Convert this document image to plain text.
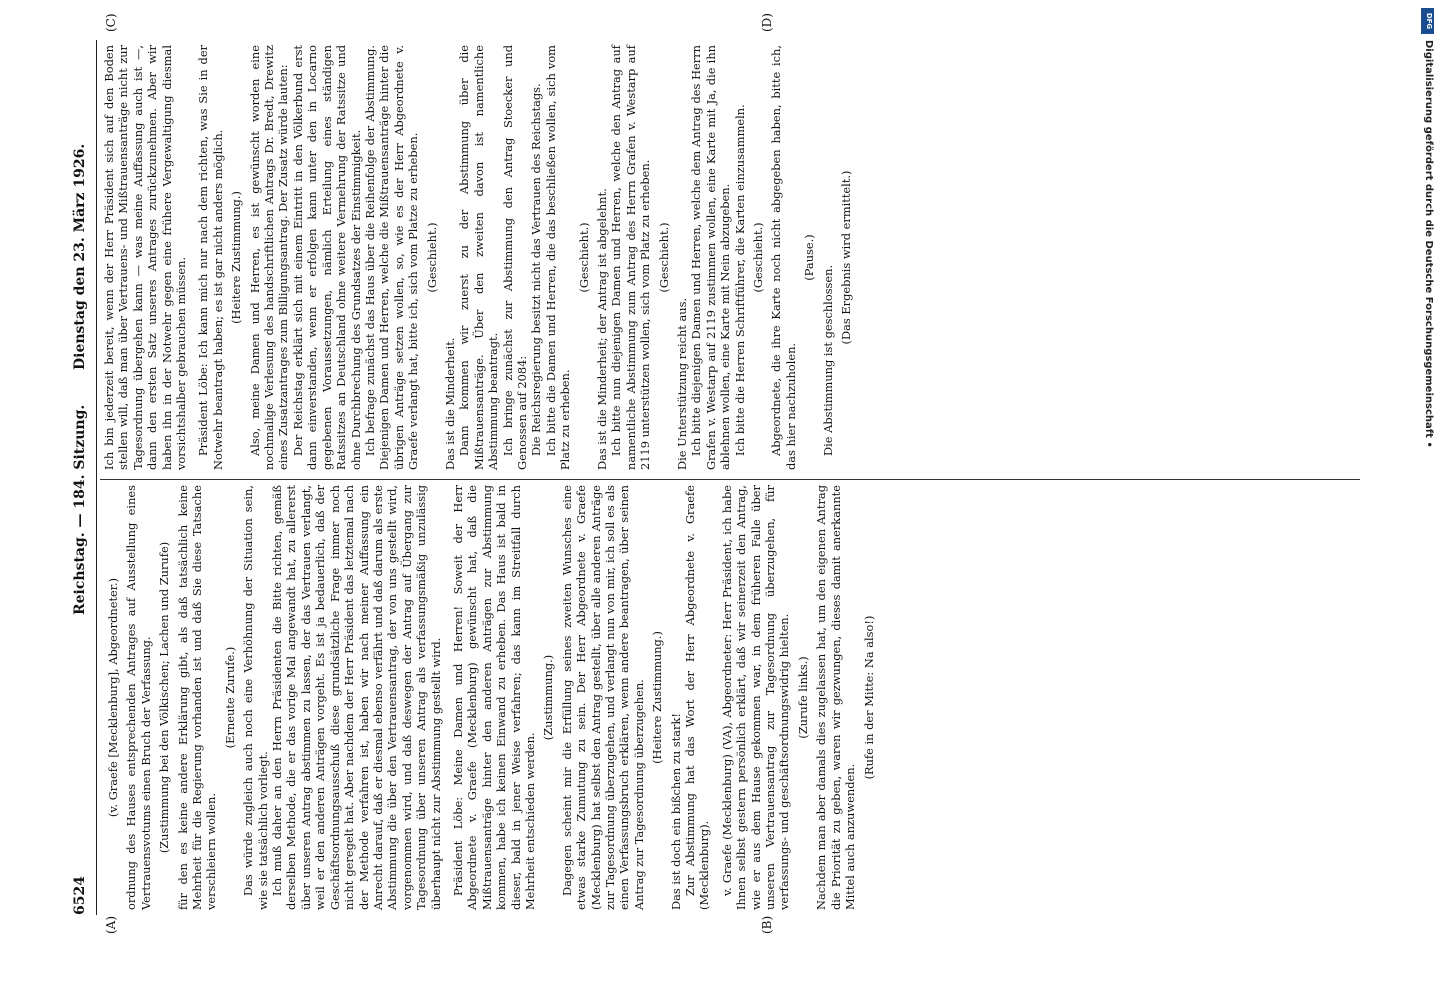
6524
Reichstag. — 184. Sitzung.
Dienstag den 23. März 1926.
(A)	(B)
(C)	(D)

(v. Graefe [Mecklenburg], Abgeordneter.) ordnung des Hauses entsprechenden Antrages auf Ausstellung eines Vertrauensvotums einen Bruch der Verfassung. (Zustimmung bei den Völkischen; Lachen und Zurufe) für den es keine andere Erklärung gibt, als daß tatsächlich keine Mehrheit für die Regierung vorhanden ist und daß Sie diese Tatsache verschleiern wollen.

(Erneute Zurufe.) Das würde zugleich auch noch eine Verhöhnung der Situation sein, wie sie tatsächlich vorliegt. Ich muß daher an den Herrn Präsidenten die Bitte richten, gemäß derselben Methode, die er das vorige Mal angewandt hat, zu allererst über unseren Antrag abstimmen zu lassen, der das Vertrauen verlangt, weil er den anderen Anträgen vorgeht. Es ist ja bedauerlich, daß der Geschäftsordnungsausschuß diese grundsätzliche Frage immer noch nicht geregelt hat. Aber nachdem der Herr Präsident das letztemal nach der Methode verfahren ist, haben wir nach meiner Auffassung ein Anrecht darauf, daß er diesmal ebenso verfährt und daß darum als erste Abstimmung die über den Vertrauensantrag, der von uns gestellt wird, vorgenommen wird, und daß deswegen der Antrag auf Übergang zur Tagesordnung über unseren Antrag als verfassungsmäßig unzulässig überhaupt nicht zur Abstimmung gestellt wird. Präsident Löbe: Meine Damen und Herren! Soweit der Herr Abgeordnete v. Graefe (Mecklenburg) gewünscht hat, daß die Mißtrauensanträge hinter den anderen Anträgen zur Abstimmung kommen, habe ich keinen Einwand zu erheben. Das Haus ist bald in dieser, bald in jener Weise verfahren; das kann im Streitfall durch Mehrheit entschieden werden.

(Zustimmung.) Dagegen scheint mir die Erfüllung seines zweiten Wunsches eine etwas starke Zumutung zu sein. Der Herr Abgeordnete v. Graefe (Mecklenburg) hat selbst den Antrag gestellt, über alle anderen Anträge zur Tagesordnung überzugehen, und verlangt nun von mir, ich soll es als einen Verfassungsbruch erklären, wenn andere beantragen, über seinen Antrag zur Tagesordnung überzugehen. (Heitere Zustimmung.)

Das ist doch ein bißchen zu stark! Zur Abstimmung hat das Wort der Herr Abgeordnete v. Graefe (Mecklenburg). v. Graefe (Mecklenburg) (VA), Abgeordneter: Herr Präsident, ich habe Ihnen selbst gestern persönlich erklärt, daß wir seinerzeit den Antrag, wie er aus dem Hause gekommen war, in dem früheren Falle über unseren Vertrauensantrag zur Tagesordnung überzugehen, für verfassungs- und geschäftsordnungswidrig hielten. (Zurufe links.) Nachdem man aber damals dies zugelassen hat, um den eigenen Antrag die Priorität zu geben, waren wir gezwungen, dieses damit anerkannte Mittel auch anzuwenden.

(Rufe in der Mitte: Na also!)

Ich bin jederzeit bereit, wenn der Herr Präsident sich auf den Boden stellen will, daß man über Vertrauens- und Mißtrauensanträge nicht zur Tagesordnung übergehen kann — was meine Auffassung auch ist —, dann den ersten Satz unseres Antrages zurückzunehmen. Aber wir haben ihn in der Notwehr gegen eine frühere Vergewaltigung diesmal vorsichtshalber gebrauchen müssen. Präsident Löbe: Ich kann mich nur nach dem richten, was Sie in der Notwehr beantragt haben; es ist gar nicht anders möglich. (Heitere Zustimmung.) Also, meine Damen und Herren, es ist gewünscht worden eine nochmalige Verlesung des handschriftlichen Antrags Dr. Bredt, Drewitz eines Zusatzantrages zum Billigungsantrag. Der Zusatz würde lauten: Der Reichstag erklärt sich mit einem Eintritt in den Völkerbund erst dann einverstanden, wenn er erfolgen kann unter den in Locarno gegebenen Voraussetzungen, nämlich Erteilung eines ständigen Ratssitzes an Deutschland ohne weitere Vermehrung der Ratssitze und ohne Durchbrechung des Grundsatzes der Einstimmigkeit. Ich befrage zunächst das Haus über die Reihenfolge der Abstimmung. Diejenigen Damen und Herren, welche die Mißtrauensanträge hinter die übrigen Anträge setzen wollen, so, wie es der Herr Abgeordnete v. Graefe verlangt hat, bitte ich, sich vom Platze zu erheben. (Geschieht.)

Das ist die Minderheit. Dann kommen wir zuerst zu der Abstimmung über die Mißtrauensanträge. Über den zweiten davon ist namentliche Abstimmung beantragt. Ich bringe zunächst zur Abstimmung den Antrag Stoecker und Genossen auf 2084: Die Reichsregierung besitzt nicht das Vertrauen des Reichstags. Ich bitte die Damen und Herren, die das beschließen wollen, sich vom Platz zu erheben.

(Geschieht.) Das ist die Minderheit; der Antrag ist abgelehnt. Ich bitte nun diejenigen Damen und Herren, welche den Antrag auf namentliche Abstimmung zum Antrag des Herrn Grafen v. Westarp auf 2119 unterstützen wollen, sich vom Platz zu erheben. (Geschieht.)

Die Unterstützung reicht aus. Ich bitte diejenigen Damen und Herren, welche dem Antrag des Herrn Grafen v. Westarp auf 2119 zustimmen wollen, eine Karte mit Ja, die ihn ablehnen wollen, eine Karte mit Nein abzugeben. Ich bitte die Herren Schriftführer, die Karten einzusammeln. (Geschieht.) Abgeordnete, die ihre Karte noch nicht abgegeben haben, bitte ich, das hier nachzuholen.

(Pause.)

Die Abstimmung ist geschlossen.

(Das Ergebnis wird ermittelt.)

DFG
Digitalisierung gefördert durch die Deutsche Forschungsgemeinschaft •
